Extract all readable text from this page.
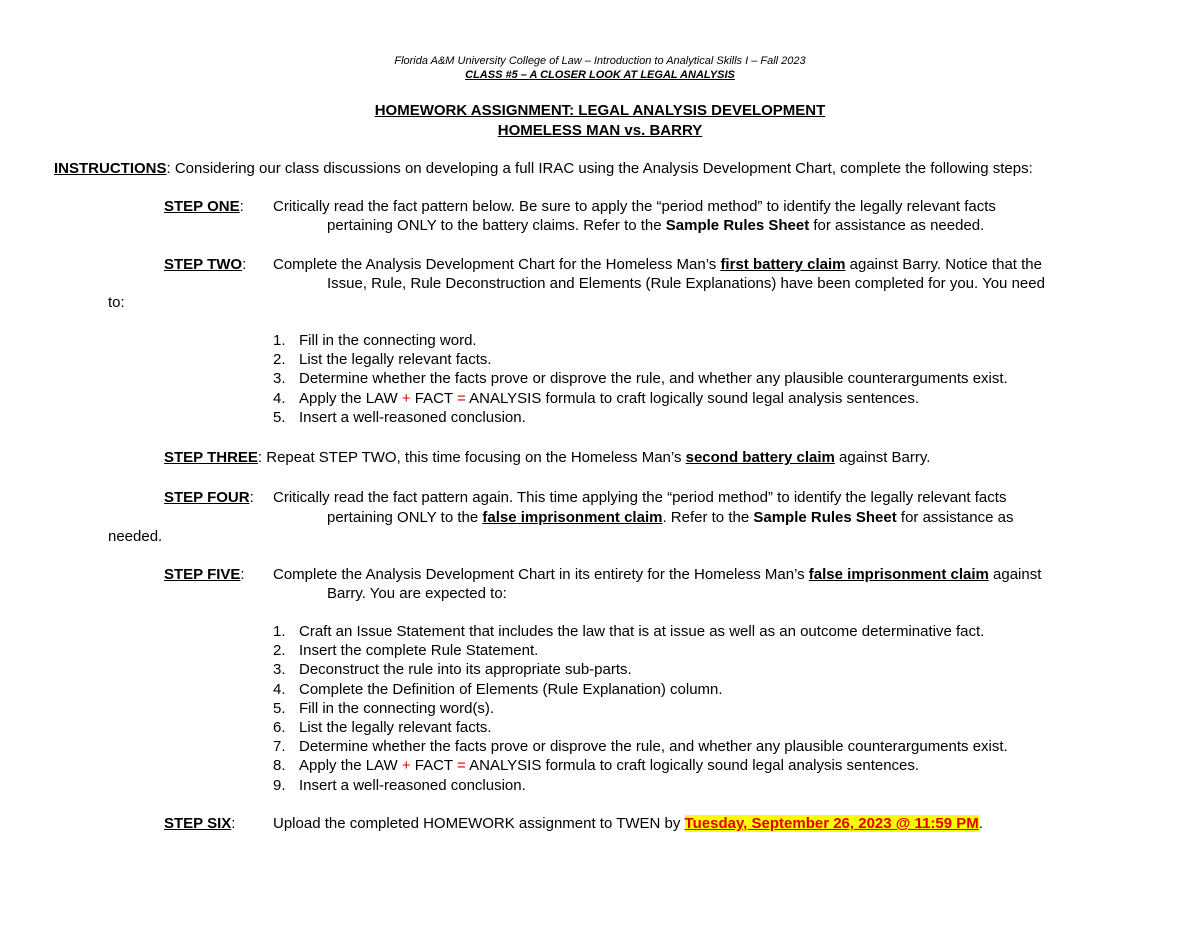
Florida A&M University College of Law – Introduction to Analytical Skills I – Fall 2023
CLASS #5 – A CLOSER LOOK AT LEGAL ANALYSIS
HOMEWORK ASSIGNMENT: LEGAL ANALYSIS DEVELOPMENT
HOMELESS MAN vs. BARRY
INSTRUCTIONS: Considering our class discussions on developing a full IRAC using the Analysis Development Chart, complete the following steps:
STEP ONE: Critically read the fact pattern below. Be sure to apply the “period method” to identify the legally relevant facts
pertaining ONLY to the battery claims. Refer to the Sample Rules Sheet for assistance as needed.
STEP TWO: Complete the Analysis Development Chart for the Homeless Man’s first battery claim against Barry. Notice that the
Issue, Rule, Rule Deconstruction and Elements (Rule Explanations) have been completed for you. You need
to:
1. Fill in the connecting word.
2. List the legally relevant facts.
3. Determine whether the facts prove or disprove the rule, and whether any plausible counterarguments exist.
4. Apply the LAW + FACT = ANALYSIS formula to craft logically sound legal analysis sentences.
5. Insert a well-reasoned conclusion.
STEP THREE: Repeat STEP TWO, this time focusing on the Homeless Man’s second battery claim against Barry.
STEP FOUR: Critically read the fact pattern again. This time applying the “period method” to identify the legally relevant facts
pertaining ONLY to the false imprisonment claim. Refer to the Sample Rules Sheet for assistance as
needed.
STEP FIVE: Complete the Analysis Development Chart in its entirety for the Homeless Man’s false imprisonment claim against
Barry. You are expected to:
1. Craft an Issue Statement that includes the law that is at issue as well as an outcome determinative fact.
2. Insert the complete Rule Statement.
3. Deconstruct the rule into its appropriate sub-parts.
4. Complete the Definition of Elements (Rule Explanation) column.
5. Fill in the connecting word(s).
6. List the legally relevant facts.
7. Determine whether the facts prove or disprove the rule, and whether any plausible counterarguments exist.
8. Apply the LAW + FACT = ANALYSIS formula to craft logically sound legal analysis sentences.
9. Insert a well-reasoned conclusion.
STEP SIX:	Upload the completed HOMEWORK assignment to TWEN by Tuesday, September 26, 2023 @ 11:59 PM.
